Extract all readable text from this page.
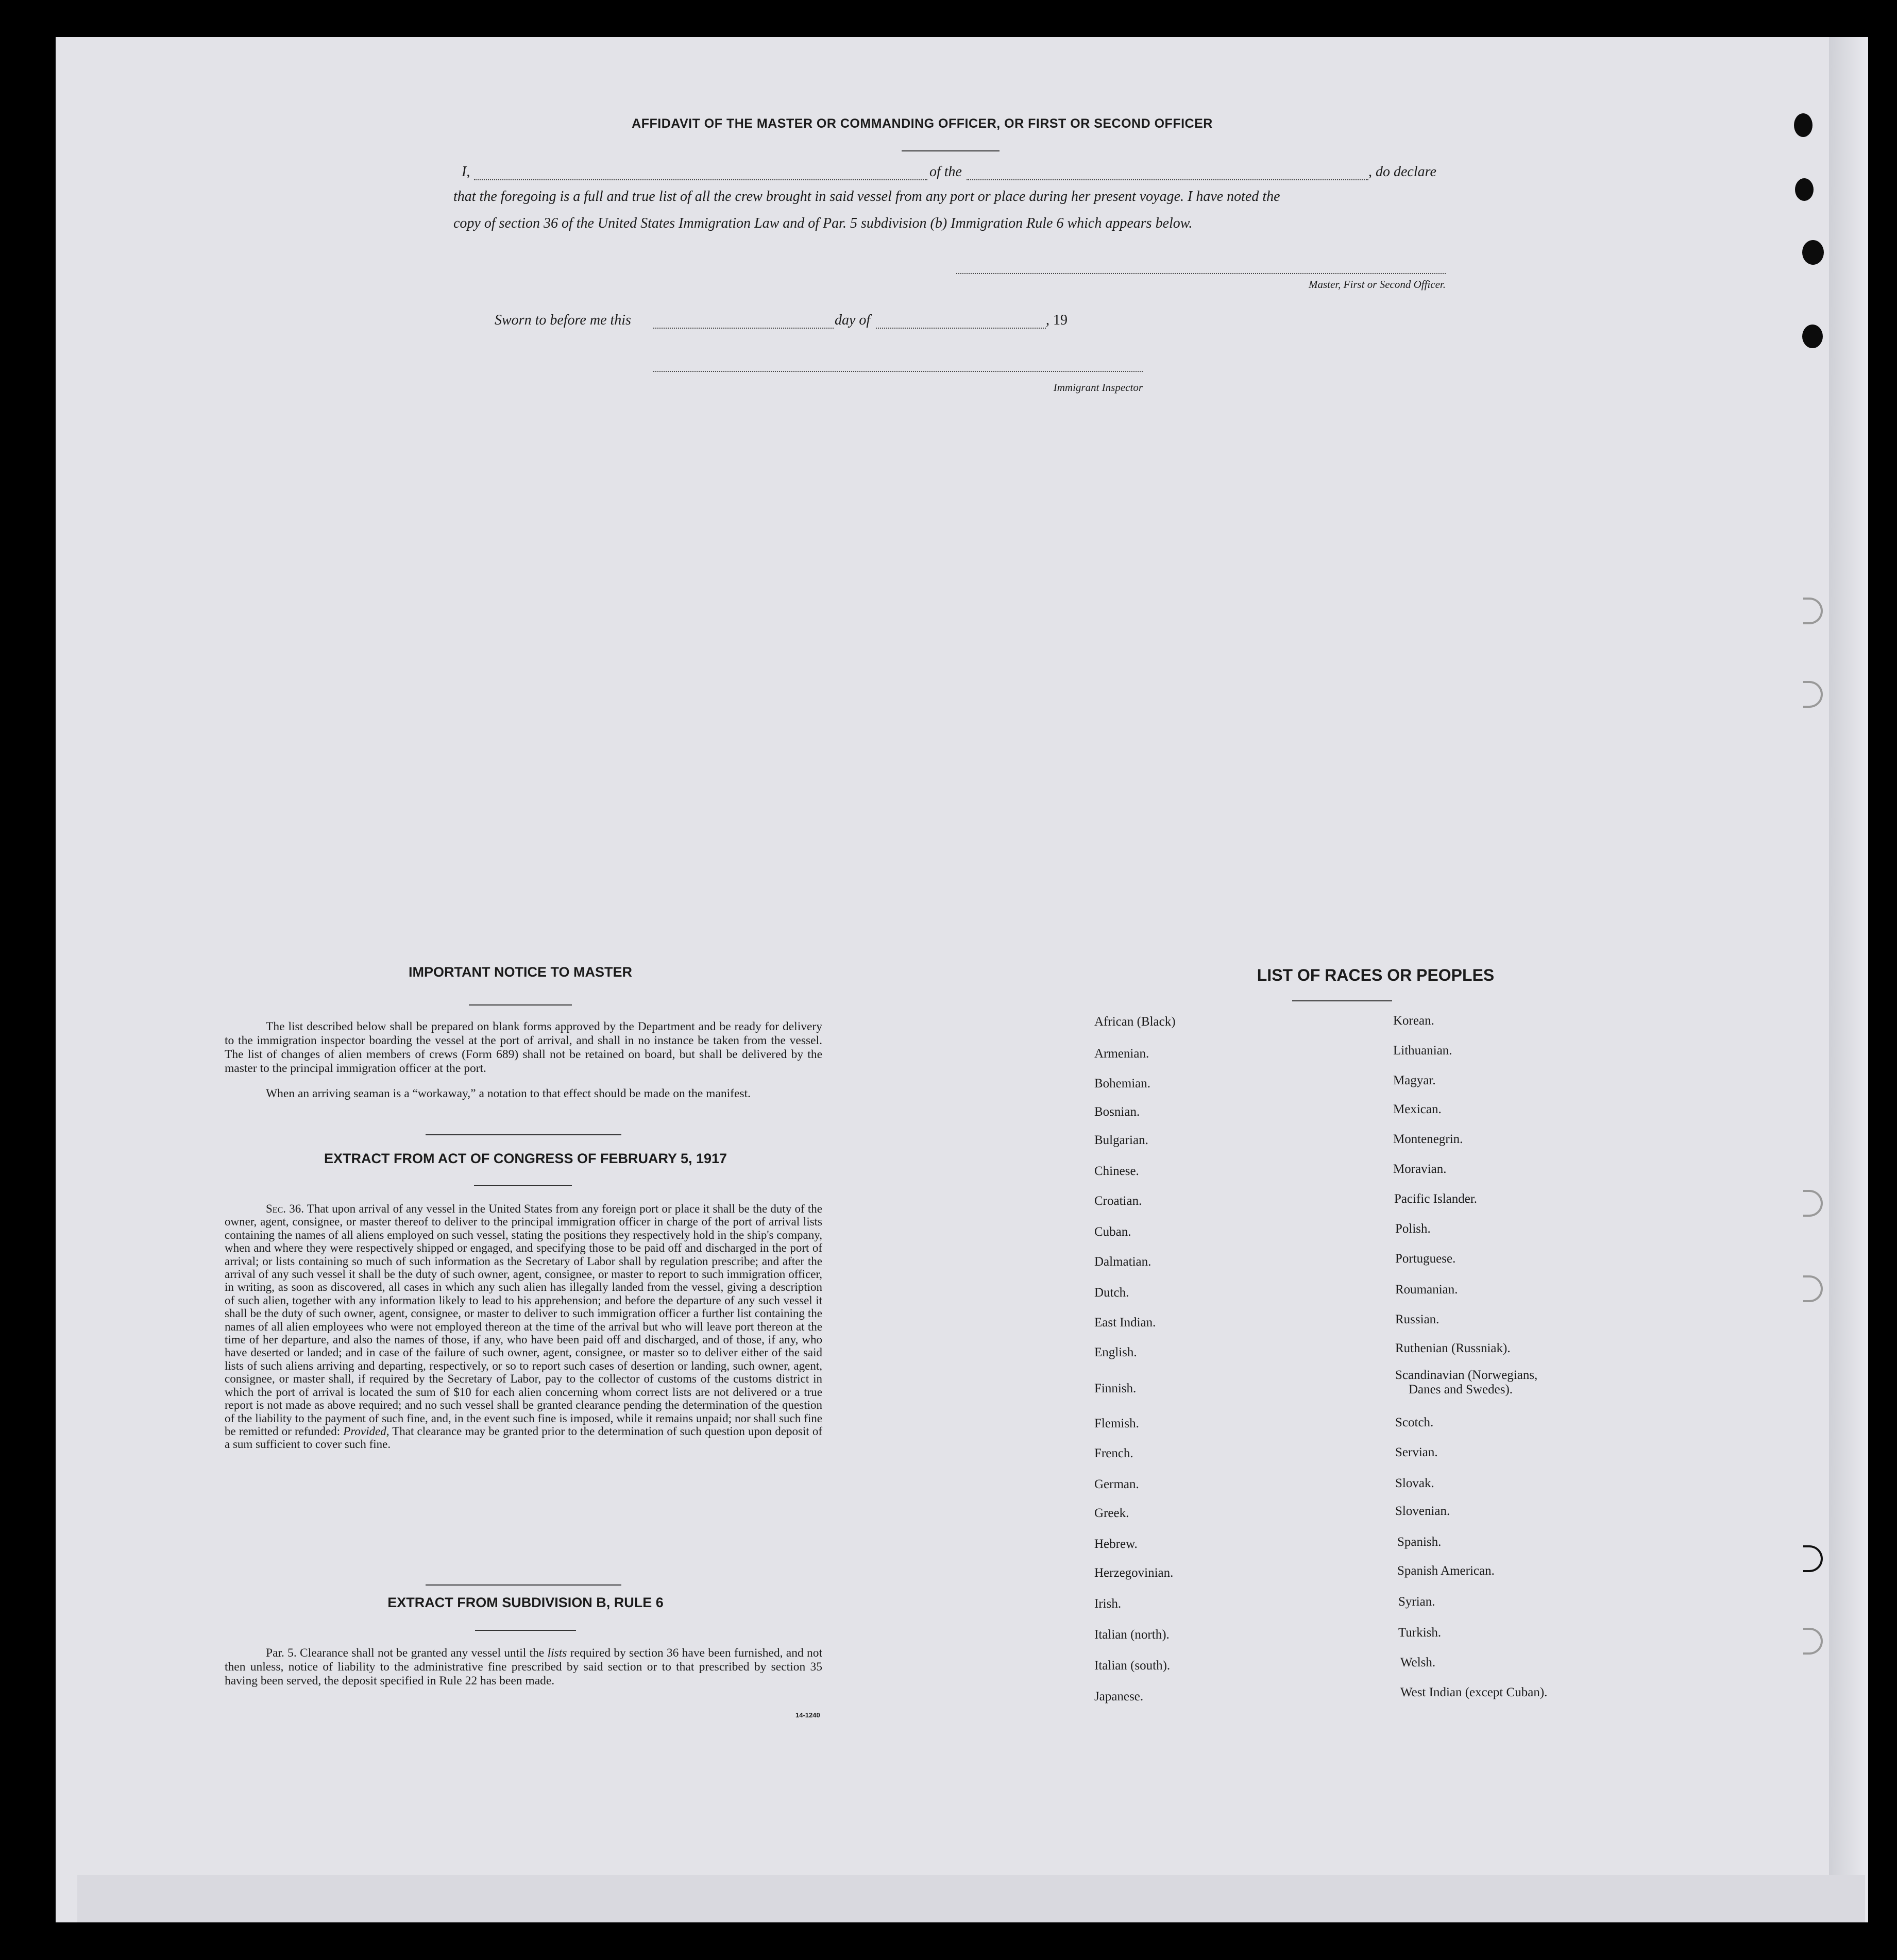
AFFIDAVIT OF THE MASTER OR COMMANDING OFFICER, OR FIRST OR SECOND OFFICER
I,	of the	, do declare
that the foregoing is a full and true list of all the crew brought in said vessel from any port or place during her present voyage. I have noted the
copy of section 36 of the United States Immigration Law and of Par. 5 subdivision (b) Immigration Rule 6 which appears below.
Master, First or Second Officer.
Sworn to before me this	day of	, 19
Immigrant Inspector
IMPORTANT NOTICE TO MASTER
The list described below shall be prepared on blank forms approved by the Department and be ready for delivery to the immigration inspector boarding the vessel at the port of arrival, and shall in no instance be taken from the vessel. The list of changes of alien members of crews (Form 689) shall not be retained on board, but shall be delivered by the master to the principal immigration officer at the port.
When an arriving seaman is a “workaway,” a notation to that effect should be made on the manifest.
EXTRACT FROM ACT OF CONGRESS OF FEBRUARY 5, 1917
Sec. 36. That upon arrival of any vessel in the United States from any foreign port or place it shall be the duty of the owner, agent, consignee, or master thereof to deliver to the principal immigration officer in charge of the port of arrival lists containing the names of all aliens employed on such vessel, stating the positions they respectively hold in the ship's company, when and where they were respectively shipped or engaged, and specifying those to be paid off and discharged in the port of arrival; or lists containing so much of such information as the Secretary of Labor shall by regulation prescribe; and after the arrival of any such vessel it shall be the duty of such owner, agent, consignee, or master to report to such immigration officer, in writing, as soon as discovered, all cases in which any such alien has illegally landed from the vessel, giving a description of such alien, together with any information likely to lead to his apprehension; and before the departure of any such vessel it shall be the duty of such owner, agent, consignee, or master to deliver to such immigration officer a further list containing the names of all alien employees who were not employed thereon at the time of the arrival but who will leave port thereon at the time of her departure, and also the names of those, if any, who have been paid off and discharged, and of those, if any, who have deserted or landed; and in case of the failure of such owner, agent, consignee, or master so to deliver either of the said lists of such aliens arriving and departing, respectively, or so to report such cases of desertion or landing, such owner, agent, consignee, or master shall, if required by the Secretary of Labor, pay to the collector of customs of the customs district in which the port of arrival is located the sum of $10 for each alien concerning whom correct lists are not delivered or a true report is not made as above required; and no such vessel shall be granted clearance pending the determination of the question of the liability to the payment of such fine, and, in the event such fine is imposed, while it remains unpaid; nor shall such fine be remitted or refunded: Provided, That clearance may be granted prior to the determination of such question upon deposit of a sum sufficient to cover such fine.
EXTRACT FROM SUBDIVISION B, RULE 6
Par. 5. Clearance shall not be granted any vessel until the lists required by section 36 have been furnished, and not then unless, notice of liability to the administrative fine prescribed by said section or to that prescribed by section 35 having been served, the deposit specified in Rule 22 has been made.
14-1240
LIST OF RACES OR PEOPLES
African (Black)
Armenian.
Bohemian.
Bosnian.
Bulgarian.
Chinese.
Croatian.
Cuban.
Dalmatian.
Dutch.
East Indian.
English.
Finnish.
Flemish.
French.
German.
Greek.
Hebrew.
Herzegovinian.
Irish.
Italian (north).
Italian (south).
Japanese.
Korean.
Lithuanian.
Magyar.
Mexican.
Montenegrin.
Moravian.
Pacific Islander.
Polish.
Portuguese.
Roumanian.
Russian.
Ruthenian (Russniak).
Scandinavian (Norwegians,
Danes and Swedes).
Scotch.
Servian.
Slovak.
Slovenian.
Spanish.
Spanish American.
Syrian.
Turkish.
Welsh.
West Indian (except Cuban).
